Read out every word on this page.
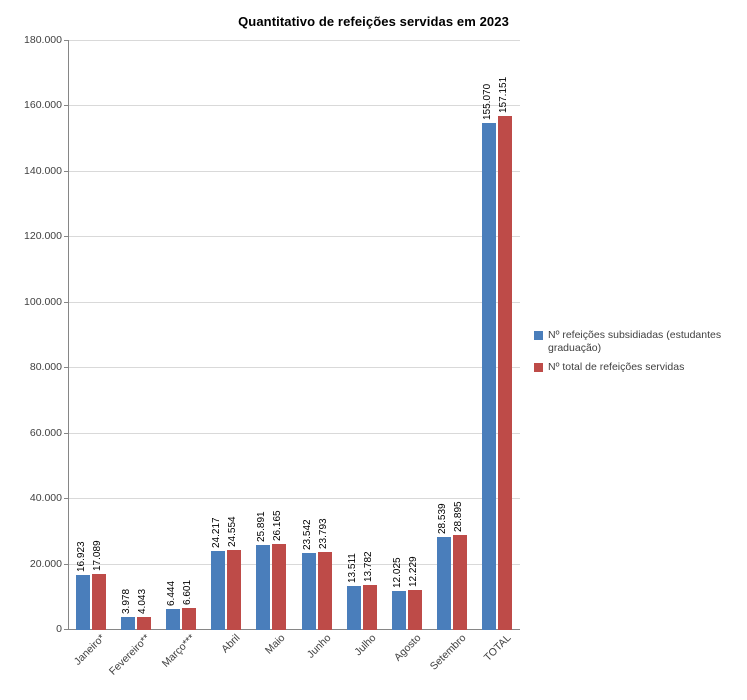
Quantitativo de refeições servidas em 2023
16.923 17.089
3.978 4.043 6.444 6.601
24.217 24.554 25.891 26.165 23.542 23.793
13.511 13.782 12.025 12.229
28.539 28.895
155.070 157.151
0
20.000
40.000
60.000
80.000
100.000
120.000
140.000
160.000
180.000
Janeiro* Fevereiro** Março***	Abril	Maio	Junho	Julho	Agosto Setembro	TOTAL
Nº refeições subsidiadas (estudantes graduação)
Nº total de refeições servidas
